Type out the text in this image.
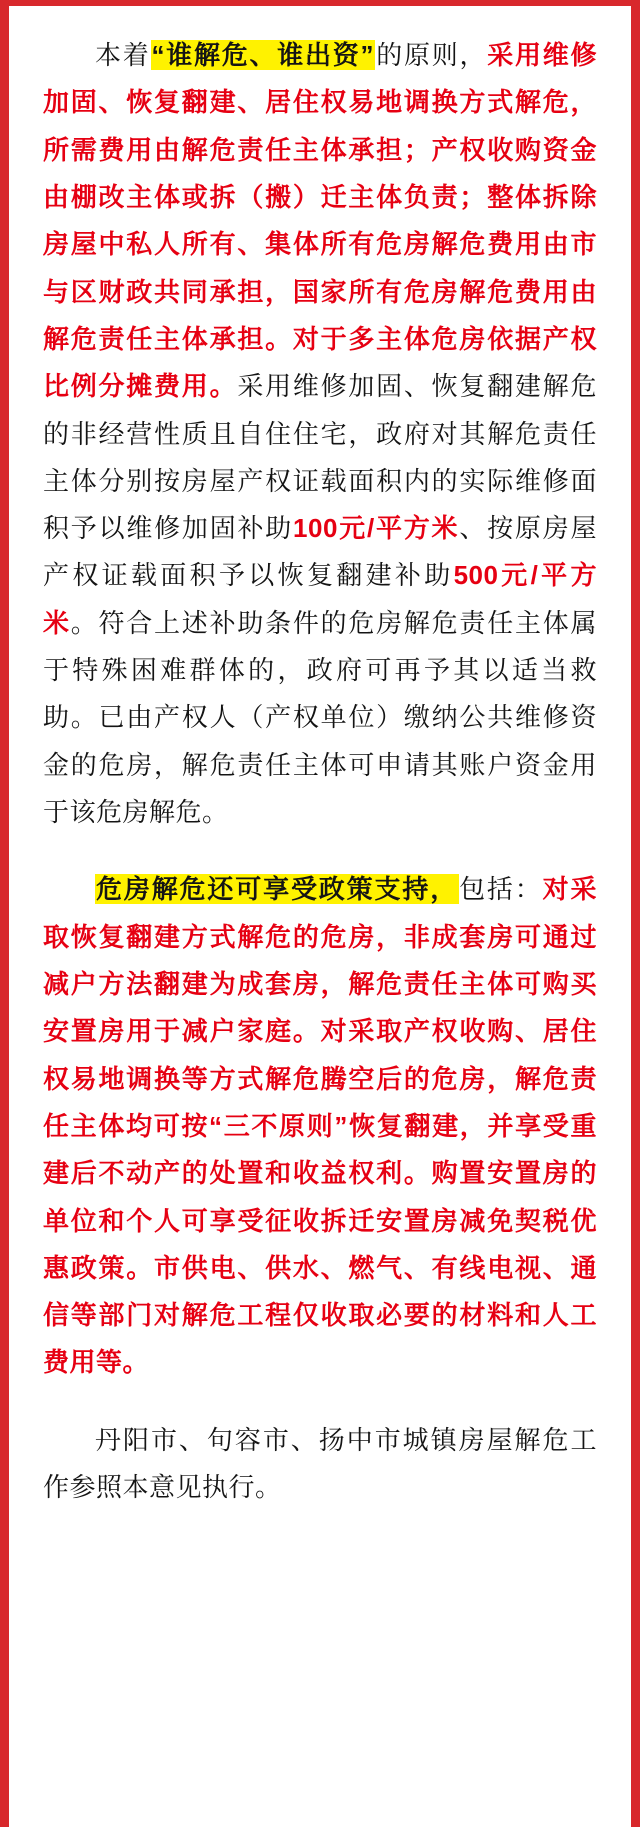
本着“谁解危、谁出资”的原则，采用维修加固、恢复翻建、居住权易地调换方式解危，所需费用由解危责任主体承担；产权收购资金由棚改主体或拆（搬）迁主体负责；整体拆除房屋中私人所有、集体所有危房解危费用由市与区财政共同承担，国家所有危房解危费用由解危责任主体承担。对于多主体危房依据产权比例分摊费用。采用维修加固、恢复翻建解危的非经营性质且自住住宅，政府对其解危责任主体分别按房屋产权证载面积内的实际维修面积予以维修加固补助100元/平方米、按原房屋产权证载面积予以恢复翻建补助500元/平方米。符合上述补助条件的危房解危责任主体属于特殊困难群体的，政府可再予其以适当救助。已由产权人（产权单位）缴纳公共维修资金的危房，解危责任主体可申请其账户资金用于该危房解危。

危房解危还可享受政策支持，包括：对采取恢复翻建方式解危的危房，非成套房可通过减户方法翻建为成套房，解危责任主体可购买安置房用于减户家庭。对采取产权收购、居住权易地调换等方式解危腾空后的危房，解危责任主体均可按“三不原则”恢复翻建，并享受重建后不动产的处置和收益权利。购置安置房的单位和个人可享受征收拆迁安置房减免契税优惠政策。市供电、供水、燃气、有线电视、通信等部门对解危工程仅收取必要的材料和人工费用等。

丹阳市、句容市、扬中市城镇房屋解危工作参照本意见执行。
